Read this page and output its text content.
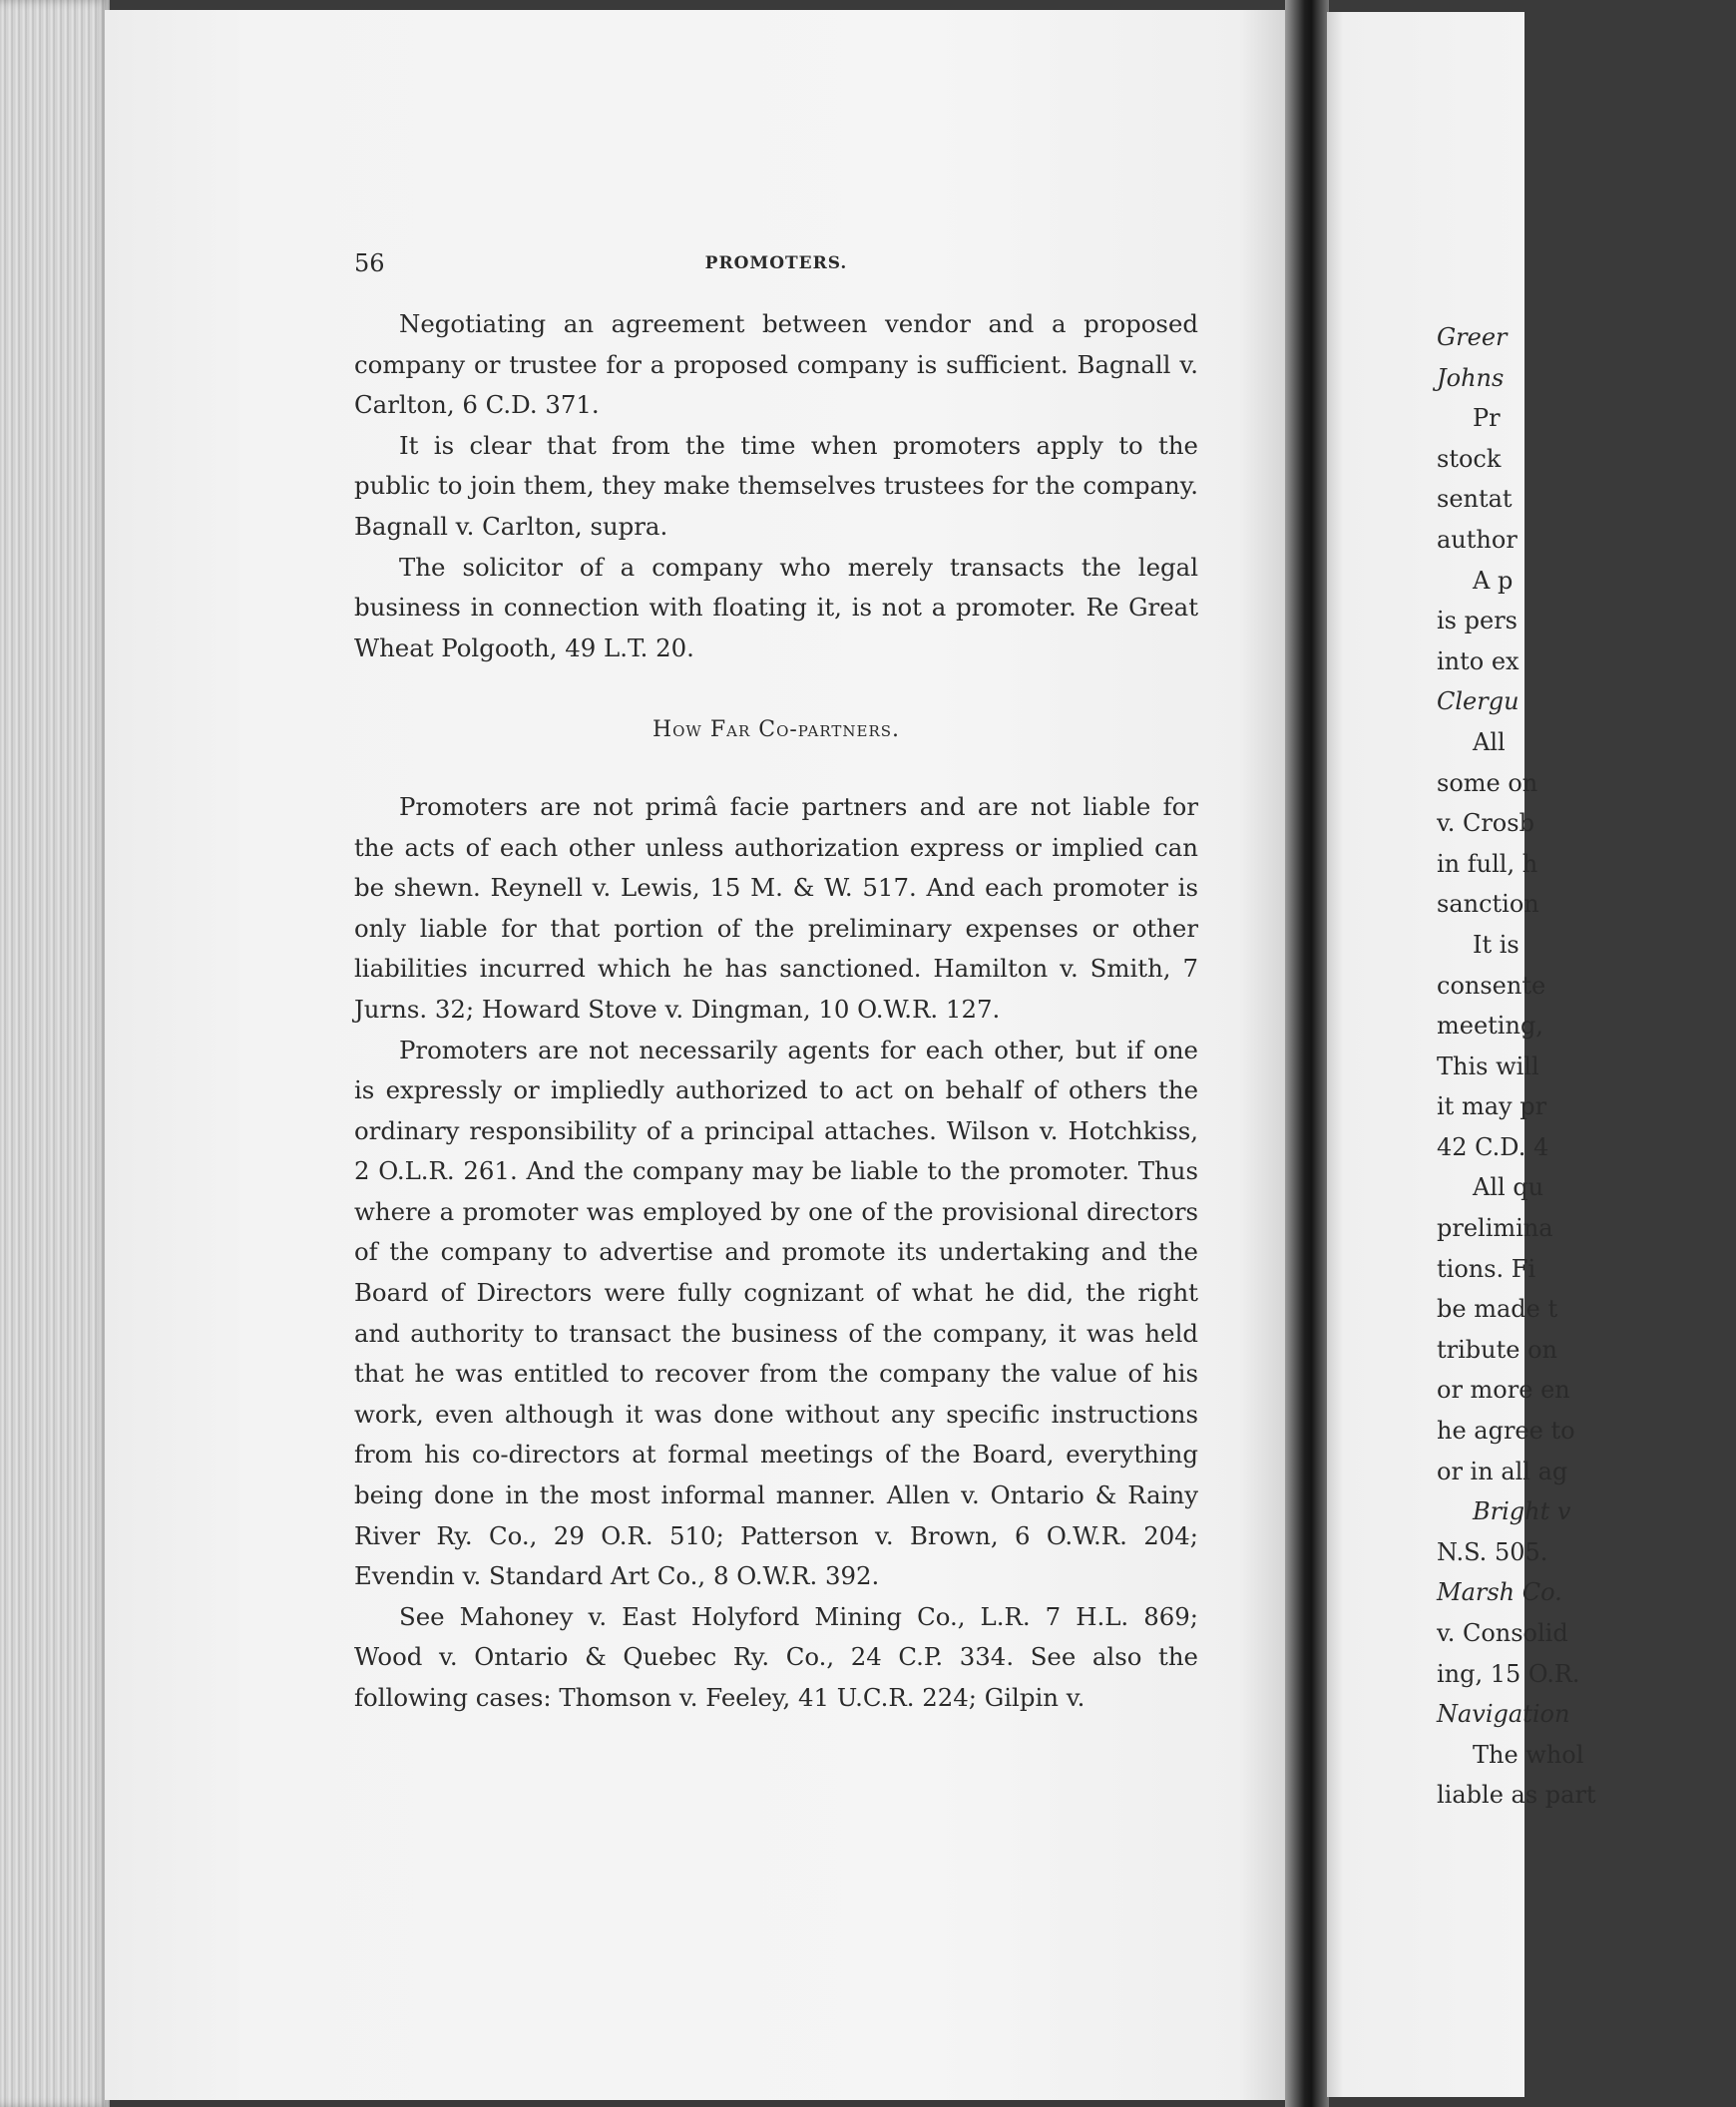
56	PROMOTERS.

Negotiating an agreement between vendor and a proposed company or trustee for a proposed company is sufficient. Bagnall v. Carlton, 6 C.D. 371.

It is clear that from the time when promoters apply to the public to join them, they make themselves trustees for the company. Bagnall v. Carlton, supra.

The solicitor of a company who merely transacts the legal business in connection with floating it, is not a promoter. Re Great Wheat Polgooth, 49 L.T. 20.

How Far Co-partners.

Promoters are not primâ facie partners and are not liable for the acts of each other unless authorization express or implied can be shewn. Reynell v. Lewis, 15 M. & W. 517. And each promoter is only liable for that portion of the preliminary expenses or other liabilities incurred which he has sanctioned. Hamilton v. Smith, 7 Jurns. 32; Howard Stove v. Dingman, 10 O.W.R. 127.

Promoters are not necessarily agents for each other, but if one is expressly or impliedly authorized to act on behalf of others the ordinary responsibility of a principal attaches. Wilson v. Hotchkiss, 2 O.L.R. 261. And the company may be liable to the promoter. Thus where a promoter was employed by one of the provisional directors of the company to advertise and promote its undertaking and the Board of Directors were fully cognizant of what he did, the right and authority to transact the business of the company, it was held that he was entitled to recover from the company the value of his work, even although it was done without any specific instructions from his co-directors at formal meetings of the Board, everything being done in the most informal manner. Allen v. Ontario & Rainy River Ry. Co., 29 O.R. 510; Patterson v. Brown, 6 O.W.R. 204; Evendin v. Standard Art Co., 8 O.W.R. 392.

See Mahoney v. East Holyford Mining Co., L.R. 7 H.L. 869; Wood v. Ontario & Quebec Ry. Co., 24 C.P. 334. See also the following cases: Thomson v. Feeley, 41 U.C.R. 224; Gilpin v.

Greer
Johns
Pr
stock
sentat
author
A p
is pers
into ex
Clergu
All
some on
v. Crosb
in full, h
sanction
It is
consente
meeting,
This will
it may pr
42 C.D. 4
All qu
prelimina
tions. Fi
be made t
tribute on
or more en
he agree to
or in all ag
Bright v
N.S. 505.
Marsh Co.
v. Consolid
ing, 15 O.R.
Navigation
The whol
liable as part
